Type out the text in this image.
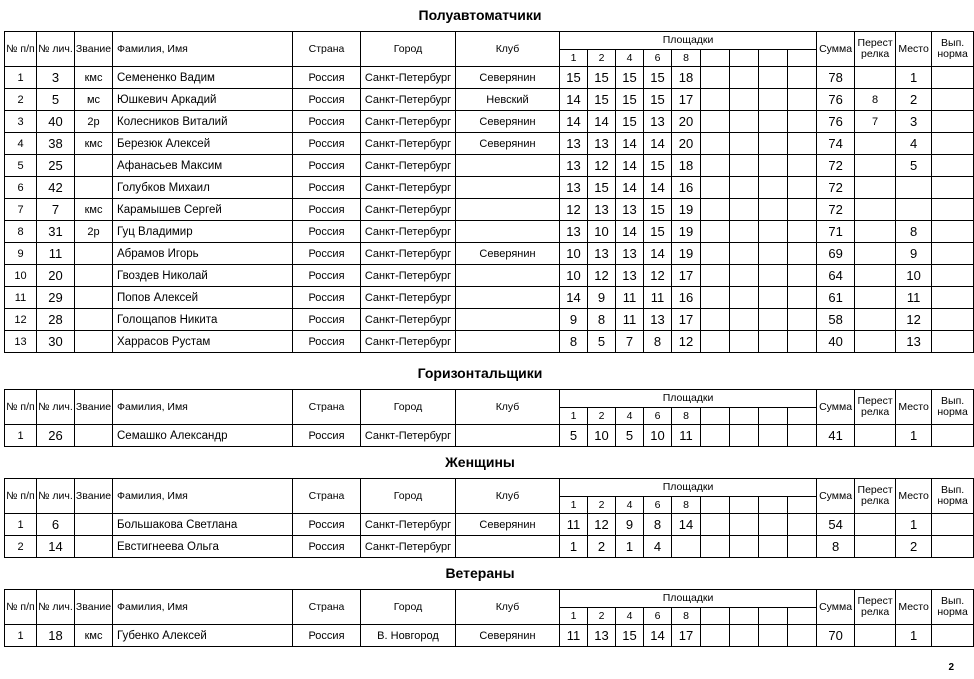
Полуавтоматчики
№ п/п	№ лич.	Звание	Фамилия, Имя	Страна	Город	Клуб	Площадки									Сумма	Перест релка	Место	Вып. норма
							1	2	4	6	8								
1	3	кмс	Семененко Вадим	Россия	Санкт-Петербург	Северянин	15	15	15	15	18					78		1	
2	5	мс	Юшкевич Аркадий	Россия	Санкт-Петербург	Невский	14	15	15	15	17					76	8	2	
3	40	2р	Колесников Виталий	Россия	Санкт-Петербург	Северянин	14	14	15	13	20					76	7	3	
4	38	кмс	Березюк Алексей	Россия	Санкт-Петербург	Северянин	13	13	14	14	20					74		4	
5	25		Афанасьев Максим	Россия	Санкт-Петербург		13	12	14	15	18					72		5	
6	42		Голубков Михаил	Россия	Санкт-Петербург		13	15	14	14	16					72			
7	7	кмс	Карамышев Сергей	Россия	Санкт-Петербург		12	13	13	15	19					72			
8	31	2р	Гуц Владимир	Россия	Санкт-Петербург		13	10	14	15	19					71		8	
9	11		Абрамов Игорь	Россия	Санкт-Петербург	Северянин	10	13	13	14	19					69		9	
10	20		Гвоздев Николай	Россия	Санкт-Петербург		10	12	13	12	17					64		10	
11	29		Попов Алексей	Россия	Санкт-Петербург		14	9	11	11	16					61		11	
12	28		Голощапов Никита	Россия	Санкт-Петербург		9	8	11	13	17					58		12	
13	30		Харрасов Рустам	Россия	Санкт-Петербург		8	5	7	8	12					40		13	
Горизонтальщики
№ п/п	№ лич.	Звание	Фамилия, Имя	Страна	Город	Клуб	Площадки									Сумма	Перест релка	Место	Вып. норма
							1	2	4	6	8								
1	26		Семашко Александр	Россия	Санкт-Петербург		5	10	5	10	11					41		1	
Женщины
№ п/п	№ лич.	Звание	Фамилия, Имя	Страна	Город	Клуб	Площадки									Сумма	Перест релка	Место	Вып. норма
							1	2	4	6	8								
1	6		Большакова Светлана	Россия	Санкт-Петербург	Северянин	11	12	9	8	14					54		1	
2	14		Евстигнеева Ольга	Россия	Санкт-Петербург		1	2	1	4						8		2	
Ветераны
№ п/п	№ лич.	Звание	Фамилия, Имя	Страна	Город	Клуб	Площадки									Сумма	Перест релка	Место	Вып. норма
							1	2	4	6	8								
1	18	кмс	Губенко Алексей	Россия	В. Новгород	Северянин	11	13	15	14	17					70		1	
2
